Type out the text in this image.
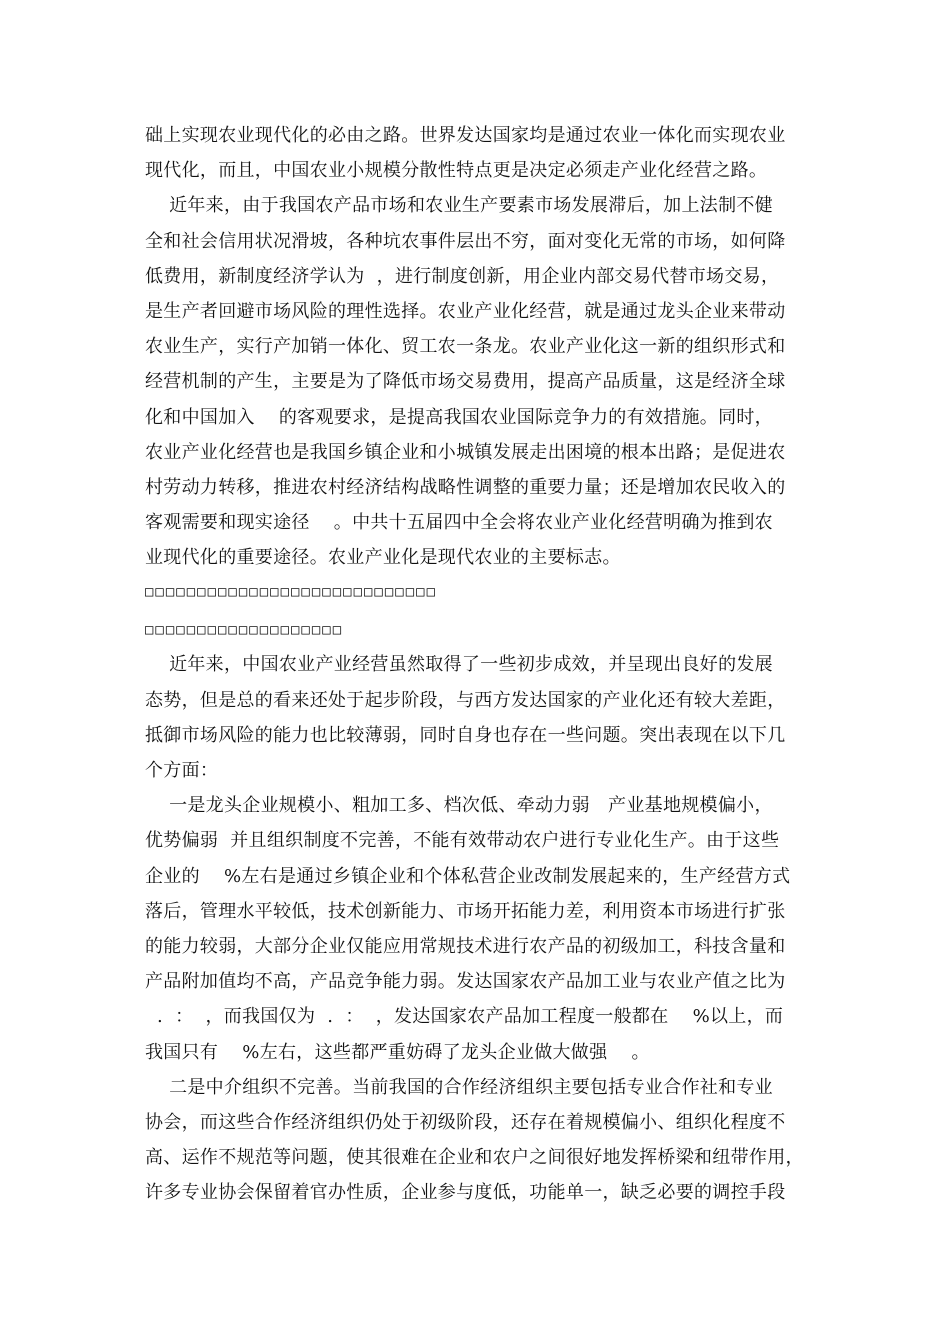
础上实现农业现代化的必由之路。世界发达国家均是通过农业一体化而实现农业
现代化，而且，中国农业小规模分散性特点更是决定必须走产业化经营之路。
近年来，由于我国农产品市场和农业生产要素市场发展滞后，加上法制不健
全和社会信用状况滑坡，各种坑农事件层出不穷，面对变化无常的市场，如何降
低费用，新制度经济学认为  ，进行制度创新，用企业内部交易代替市场交易，
是生产者回避市场风险的理性选择。农业产业化经营，就是通过龙头企业来带动
农业生产，实行产加销一体化、贸工农一条龙。农业产业化这一新的组织形式和
经营机制的产生，主要是为了降低市场交易费用，提高产品质量，这是经济全球
化和中国加入    的客观要求，是提高我国农业国际竞争力的有效措施。同时，
农业产业化经营也是我国乡镇企业和小城镇发展走出困境的根本出路；是促进农
村劳动力转移，推进农村经济结构战略性调整的重要力量；还是增加农民收入的
客观需要和现实途径    。中共十五届四中全会将农业产业化经营明确为推到农
业现代化的重要途径。农业产业化是现代农业的主要标志。
□□□□□□□□□□□□□□□□□□□□□□□□□□□□
□□□□□□□□□□□□□□□□□□□
近年来，中国农业产业经营虽然取得了一些初步成效，并呈现出良好的发展
态势，但是总的看来还处于起步阶段，与西方发达国家的产业化还有较大差距，
抵御市场风险的能力也比较薄弱，同时自身也存在一些问题。突出表现在以下几
个方面：
一是龙头企业规模小、粗加工多、档次低、牵动力弱   产业基地规模偏小，
优势偏弱  并且组织制度不完善，不能有效带动农户进行专业化生产。由于这些
企业的    %左右是通过乡镇企业和个体私营企业改制发展起来的，生产经营方式
落后，管理水平较低，技术创新能力、市场开拓能力差，利用资本市场进行扩张
的能力较弱，大部分企业仅能应用常规技术进行农产品的初级加工，科技含量和
产品附加值均不高，产品竞争能力弱。发达国家农产品加工业与农业产值之比为
.  ：  ，而我国仅为  .  ：  ，发达国家农产品加工程度一般都在    %以上，而
我国只有    %左右，这些都严重妨碍了龙头企业做大做强    。
二是中介组织不完善。当前我国的合作经济组织主要包括专业合作社和专业
协会，而这些合作经济组织仍处于初级阶段，还存在着规模偏小、组织化程度不
高、运作不规范等问题，使其很难在企业和农户之间很好地发挥桥梁和纽带作用，
许多专业协会保留着官办性质，企业参与度低，功能单一，缺乏必要的调控手段
